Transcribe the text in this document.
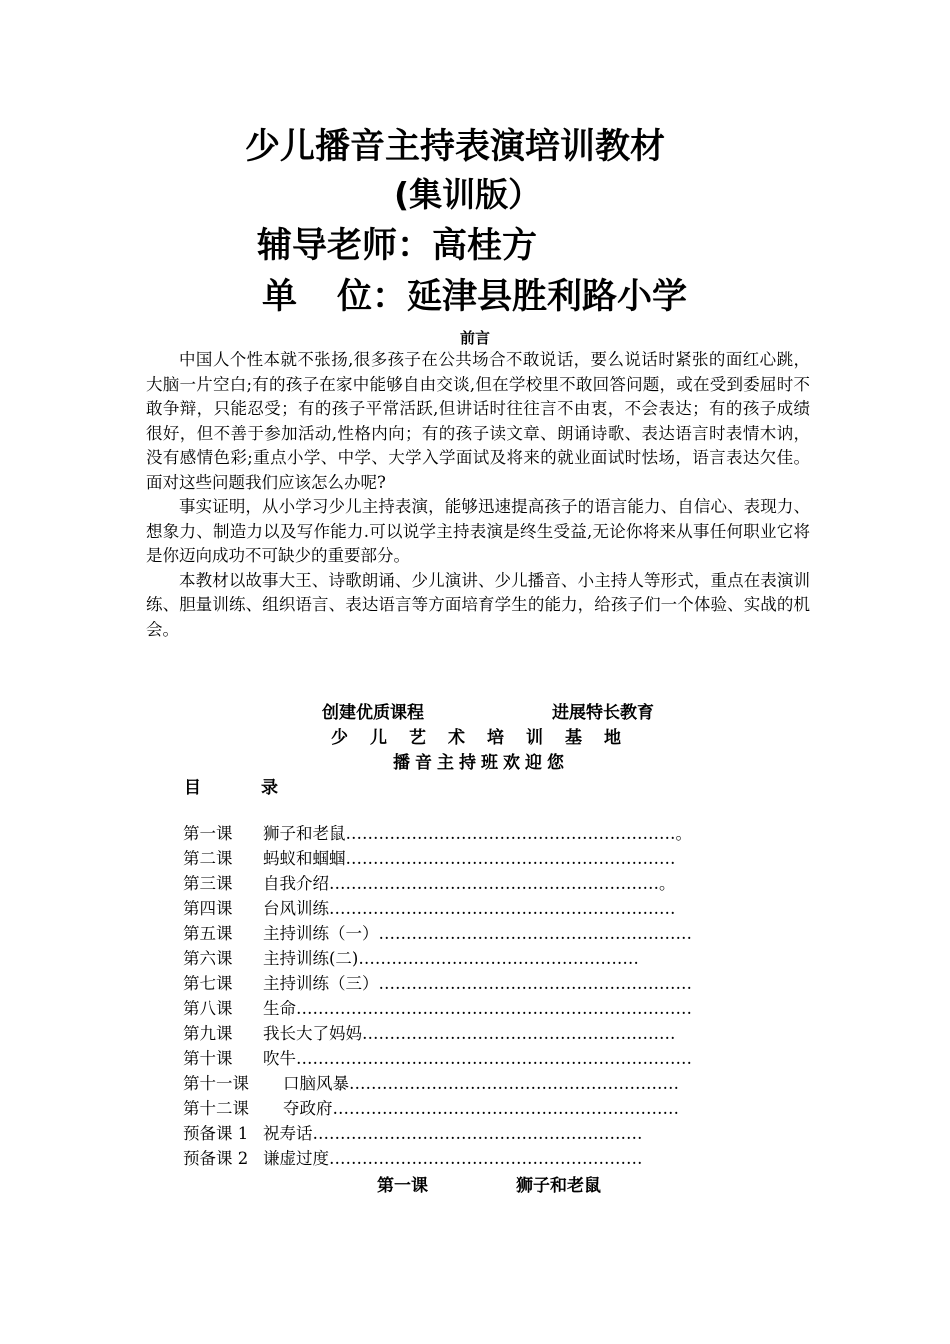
少儿播音主持表演培训教材
(集训版）
辅导老师：高桂方
单 位：延津县胜利路小学
前言

中国人个性本就不张扬,很多孩子在公共场合不敢说话，要么说话时紧张的面红心跳，大脑一片空白;有的孩子在家中能够自由交谈,但在学校里不敢回答问题，或在受到委屈时不敢争辩，只能忍受；有的孩子平常活跃,但讲话时往往言不由衷，不会表达；有的孩子成绩很好，但不善于参加活动,性格内向；有的孩子读文章、朗诵诗歌、表达语言时表情木讷，没有感情色彩;重点小学、中学、大学入学面试及将来的就业面试时怯场，语言表达欠佳。面对这些问题我们应该怎么办呢?

事实证明，从小学习少儿主持表演，能够迅速提高孩子的语言能力、自信心、表现力、想象力、制造力以及写作能力.可以说学主持表演是终生受益,无论你将来从事任何职业它将是你迈向成功不可缺少的重要部分。

本教材以故事大王、诗歌朗诵、少儿演讲、少儿播音、小主持人等形式，重点在表演训练、胆量训练、组织语言、表达语言等方面培育学生的能力，给孩子们一个体验、实战的机会。

创建优质课程	进展特长教育
少儿艺术培训基地
播音主持班欢迎您
目	录
第一课 狮子和老鼠……………………………………………………。
第二课 蚂蚁和蝈蝈……………………………………………………
第三课 自我介绍……………………………………………………。
第四课 台风训练………………………………………………………
第五课 主持训练（一）…………………………………………………
第六课 主持训练(二)……………………………………………
第七课 主持训练（三）…………………………………………………
第八课 生命………………………………………………………………
第九课 我长大了妈妈…………………………………………………
第十课 吹牛………………………………………………………………
第十一课 口脑风暴……………………………………………………
第十二课 夺政府………………………………………………………
预备课 1 祝寿话……………………………………………………
预备课 2 谦虚过度…………………………………………………
第一课	狮子和老鼠
